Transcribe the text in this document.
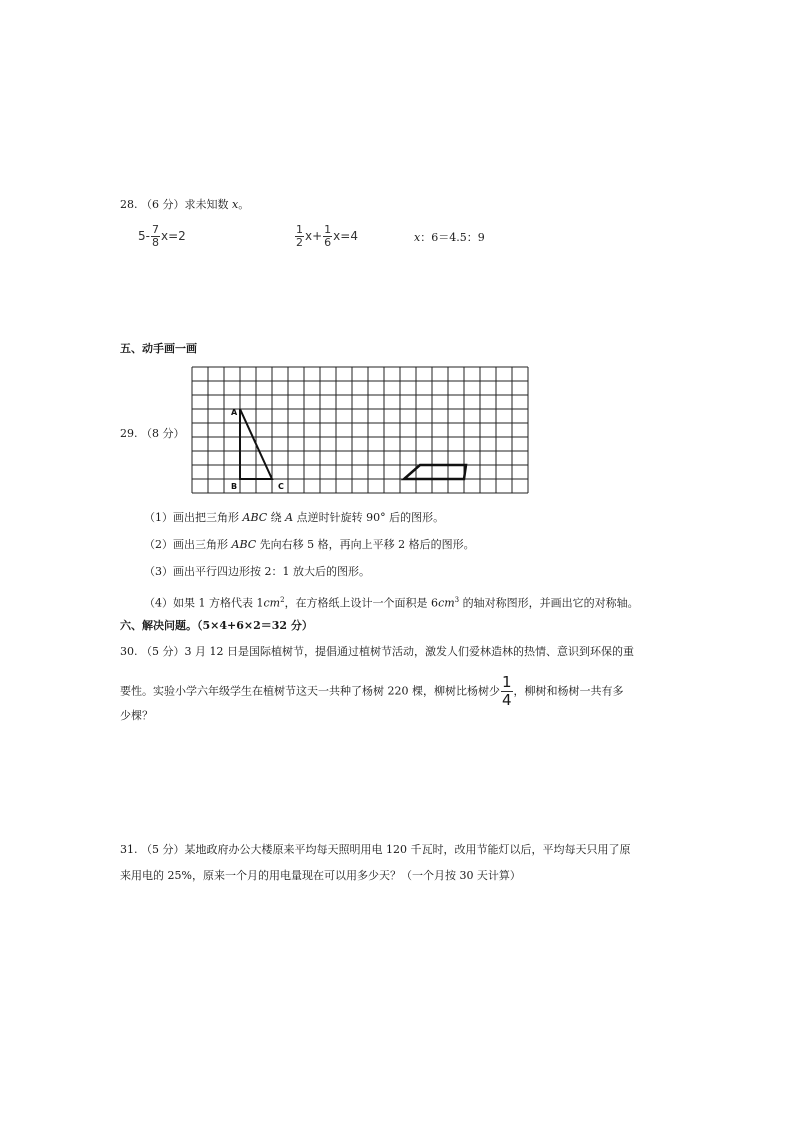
28. （6 分）求未知数 x。
$5- \frac{7}{8} x=2$	$\frac{1}{2} x+ \frac{1}{6} x=4$	x：6＝4.5：9
五、动手画一画
29. （8 分）
A
B	C
（1）画出把三角形 ABC 绕 A 点逆时针旋转 90° 后的图形。
（2）画出三角形 ABC 先向右移 5 格，再向上平移 2 格后的图形。
（3）画出平行四边形按 2：1 放大后的图形。
（4）如果 1 方格代表 $1cm^2$，在方格纸上设计一个面积是 $6cm^3$ 的轴对称图形，并画出它的对称轴。
六、解决问题。（5×4+6×2＝32 分）
30. （5 分）3 月 12 日是国际植树节，提倡通过植树节活动，激发人们爱林造林的热情、意识到环保的重
要性。实验小学六年级学生在植树节这天一共种了杨树 220 棵，柳树比杨树少 $\frac{1}{4}$ ，柳树和杨树一共有多
少棵？
31. （5 分）某地政府办公大楼原来平均每天照明用电 120 千瓦时，改用节能灯以后，平均每天只用了原
来用电的 25%，原来一个月的用电量现在可以用多少天？（一个月按 30 天计算）
